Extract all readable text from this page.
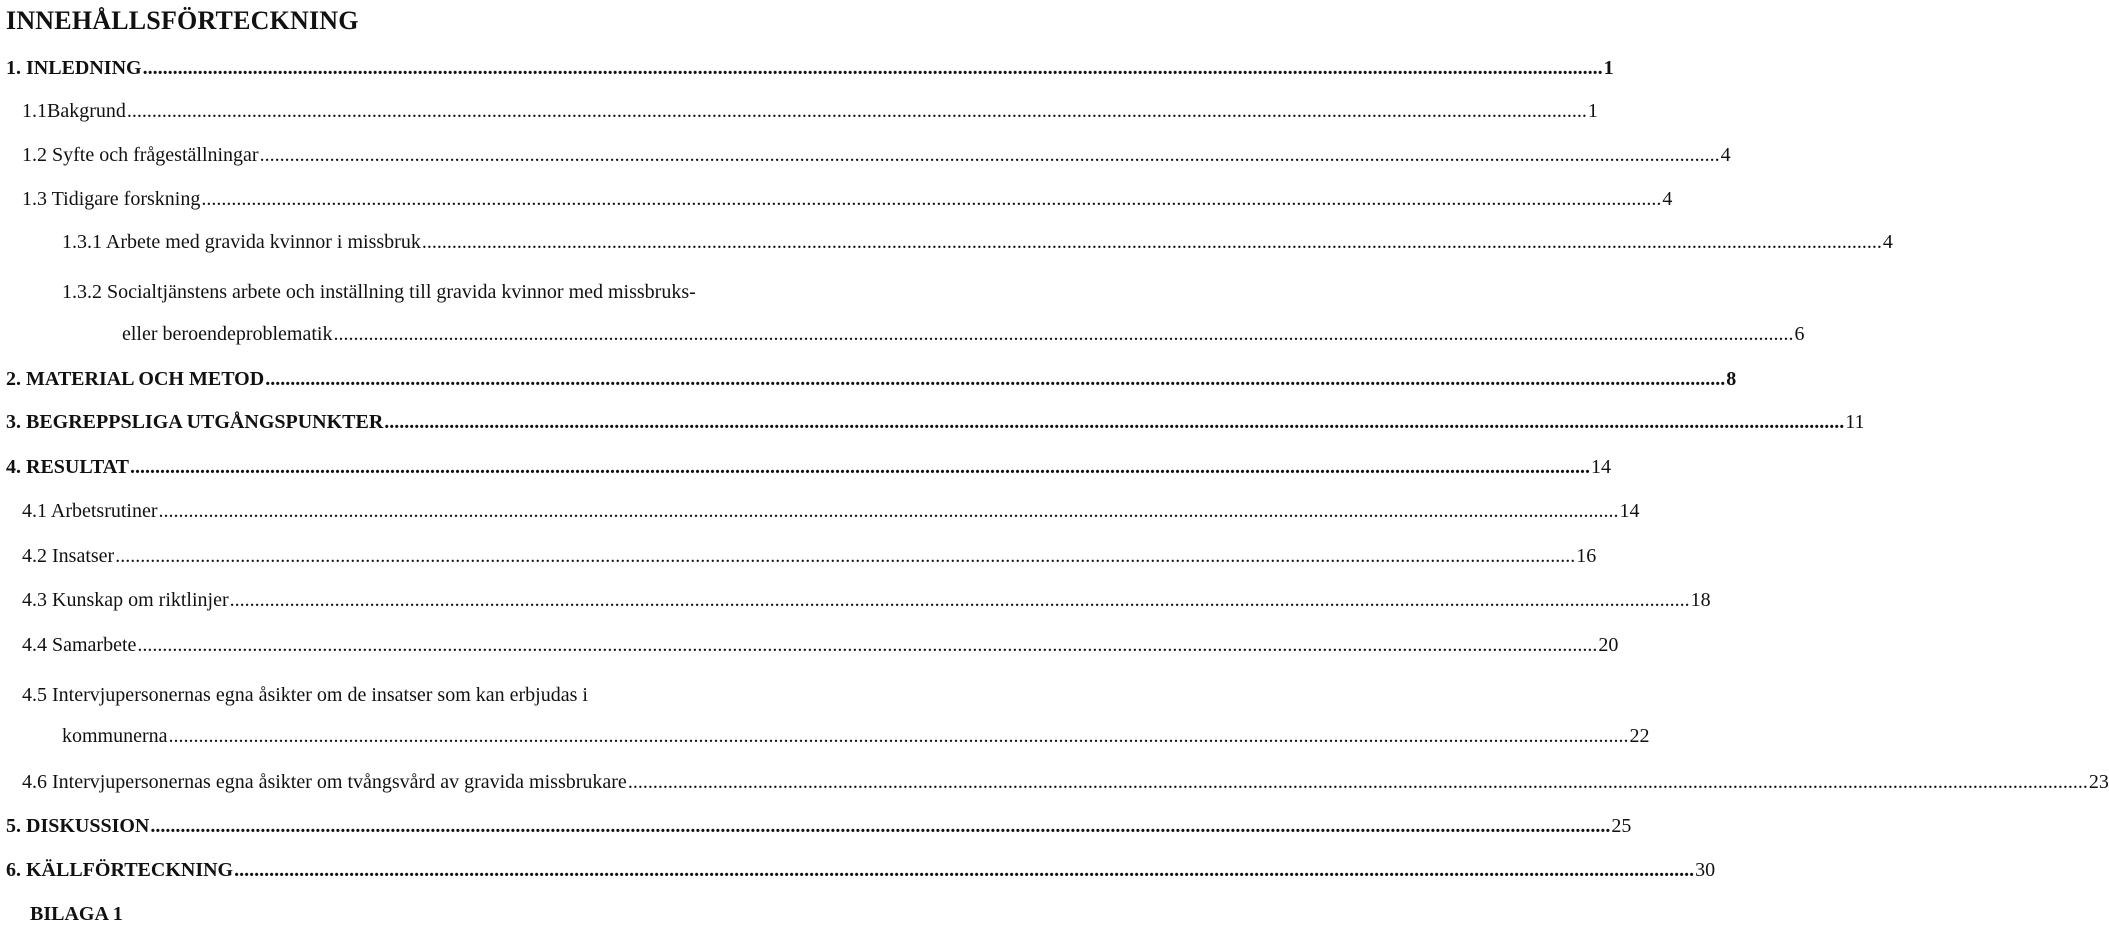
INNEHÅLLSFÖRTECKNING
1. INLEDNING .....	1
1.1Bakgrund .....	1
1.2 Syfte och frågeställningar .....	4
1.3 Tidigare forskning .....	4
1.3.1 Arbete med gravida kvinnor i missbruk .....	4
1.3.2 Socialtjänstens arbete och inställning till gravida kvinnor med missbruks-
eller beroendeproblematik .....	6
2. MATERIAL OCH METOD .....	8
3. BEGREPPSLIGA UTGÅNGSPUNKTER .....	11
4. RESULTAT .....	14
4.1 Arbetsrutiner .....	14
4.2 Insatser .....	16
4.3 Kunskap om riktlinjer .....	18
4.4 Samarbete .....	20
4.5 Intervjupersonernas egna åsikter om de insatser som kan erbjudas i
kommunerna .....	22
4.6 Intervjupersonernas egna åsikter om tvångsvård av gravida missbrukare .....	23
5. DISKUSSION .....	25
6. KÄLLFÖRTECKNING .....	30
BILAGA 1
